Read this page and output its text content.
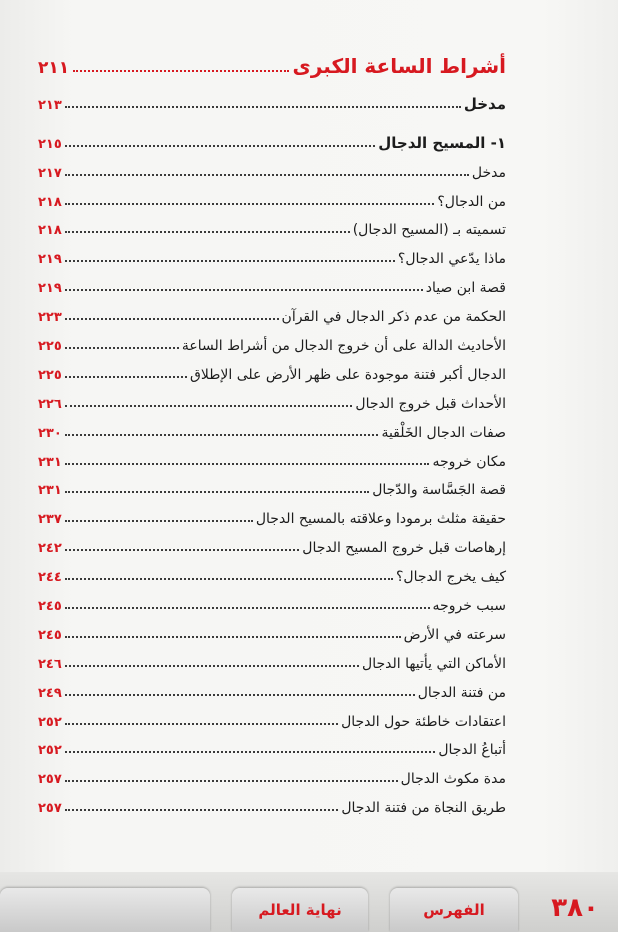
أشراط الساعة الكبرى
٢١١
مدخل
٢١٣
١- المسيح الدجال
٢١٥
مدخل
٢١٧
من الدجال؟
٢١٨
تسميته بـ (المسيح الدجال)
٢١٨
ماذا يدّعي الدجال؟
٢١٩
قصة ابن صياد
٢١٩
الحكمة من عدم ذكر الدجال في القرآن
٢٢٣
الأحاديث الدالة على أن خروج الدجال من أشراط الساعة
٢٢٥
الدجال أكبر فتنة موجودة على ظهر الأرض على الإطلاق
٢٢٥
الأحداث قبل خروج الدجال
٢٢٦
صفات الدجال الخَلْقية
٢٣٠
مكان خروجه
٢٣١
قصة الجَسَّاسة والدّجال
٢٣١
حقيقة مثلث برمودا وعلاقته بالمسيح الدجال
٢٣٧
إرهاصات قبل خروج المسيح الدجال
٢٤٢
كيف يخرج الدجال؟
٢٤٤
سبب خروجه
٢٤٥
سرعته في الأرض
٢٤٥
الأماكن التي يأتيها الدجال
٢٤٦
من فتنة الدجال
٢٤٩
اعتقادات خاطئة حول الدجال
٢٥٢
أتباعُ الدجال
٢٥٢
مدة مكوث الدجال
٢٥٧
طريق النجاة من فتنة الدجال
٢٥٧
نهاية العالم	الفهرس	٣٨٠
